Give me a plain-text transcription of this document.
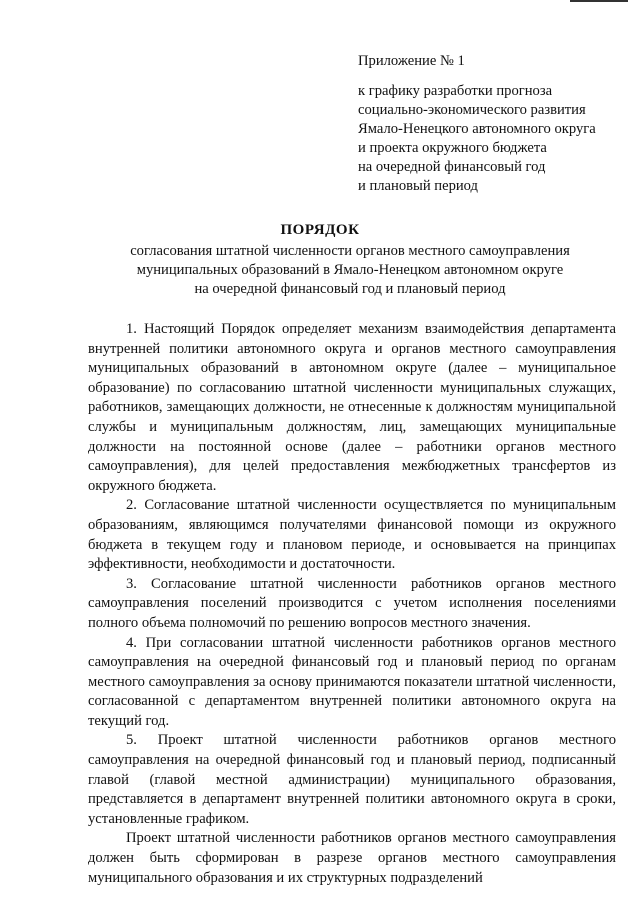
Приложение № 1
к графику разработки прогноза
социально-экономического развития
Ямало-Ненецкого автономного округа
и проекта окружного бюджета
на очередной финансовый год
и плановый период
ПОРЯДОК
согласования штатной численности органов местного самоуправления
муниципальных образований в Ямало-Ненецком автономном округе
на очередной финансовый год и плановый период

1. Настоящий Порядок определяет механизм взаимодействия департамента внутренней политики автономного округа и органов местного самоуправления муниципальных образований в автономном округе (далее – муниципальное образование) по согласованию штатной численности муниципальных служащих, работников, замещающих должности, не отнесенные к должностям муниципальной службы и муниципальным должностям, лиц, замещающих муниципальные должности на постоянной основе (далее – работники органов местного самоуправления), для целей предоставления межбюджетных трансфертов из окружного бюджета.

2. Согласование штатной численности осуществляется по муниципальным образованиям, являющимся получателями финансовой помощи из окружного бюджета в текущем году и плановом периоде, и основывается на принципах эффективности, необходимости и достаточности.

3. Согласование штатной численности работников органов местного самоуправления поселений производится с учетом исполнения поселениями полного объема полномочий по решению вопросов местного значения.

4. При согласовании штатной численности работников органов местного самоуправления на очередной финансовый год и плановый период по органам местного самоуправления за основу принимаются показатели штатной численности, согласованной с департаментом внутренней политики автономного округа на текущий год.

5. Проект штатной численности работников органов местного самоуправления на очередной финансовый год и плановый период, подписанный главой (главой местной администрации) муниципального образования, представляется в департамент внутренней политики автономного округа в сроки, установленные графиком.

Проект штатной численности работников органов местного самоуправления должен быть сформирован в разрезе органов местного самоуправления муниципального образования и их структурных подразделений
